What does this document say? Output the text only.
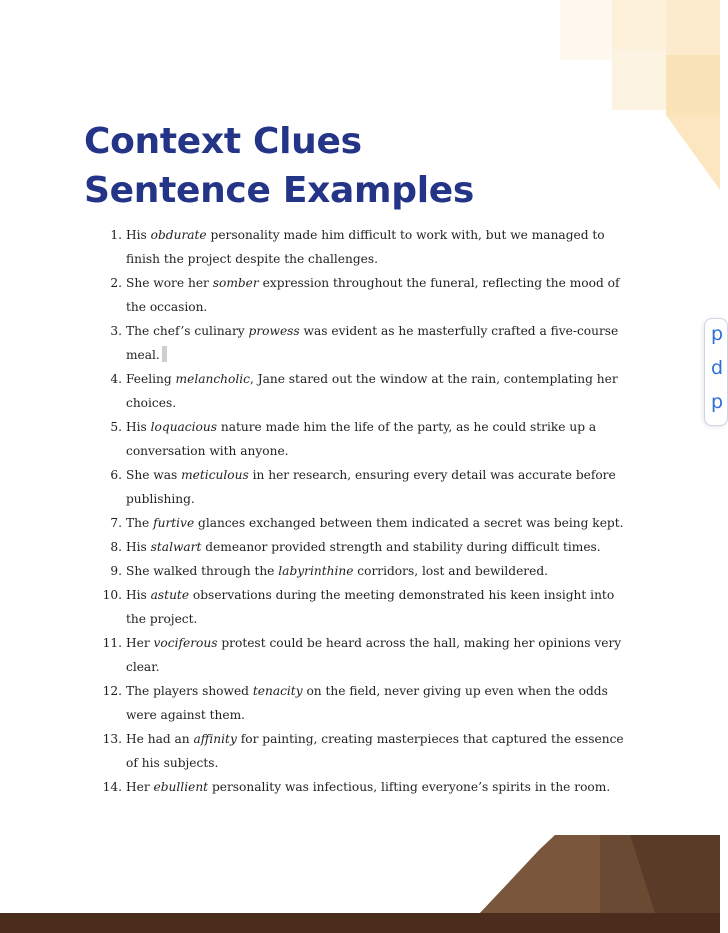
p
d
p
Context Clues
Sentence Examples
1. His obdurate personality made him difficult to work with, but we managed to finish the project despite the challenges.
2. She wore her somber expression throughout the funeral, reflecting the mood of the occasion.
3. The chef’s culinary prowess was evident as he masterfully crafted a five-course meal.
4. Feeling melancholic, Jane stared out the window at the rain, contemplating her choices.
5. His loquacious nature made him the life of the party, as he could strike up a conversation with anyone.
6. She was meticulous in her research, ensuring every detail was accurate before publishing.
7. The furtive glances exchanged between them indicated a secret was being kept.
8. His stalwart demeanor provided strength and stability during difficult times.
9. She walked through the labyrinthine corridors, lost and bewildered.
10. His astute observations during the meeting demonstrated his keen insight into the project.
11. Her vociferous protest could be heard across the hall, making her opinions very clear.
12. The players showed tenacity on the field, never giving up even when the odds were against them.
13. He had an affinity for painting, creating masterpieces that captured the essence of his subjects.
14. Her ebullient personality was infectious, lifting everyone’s spirits in the room.
